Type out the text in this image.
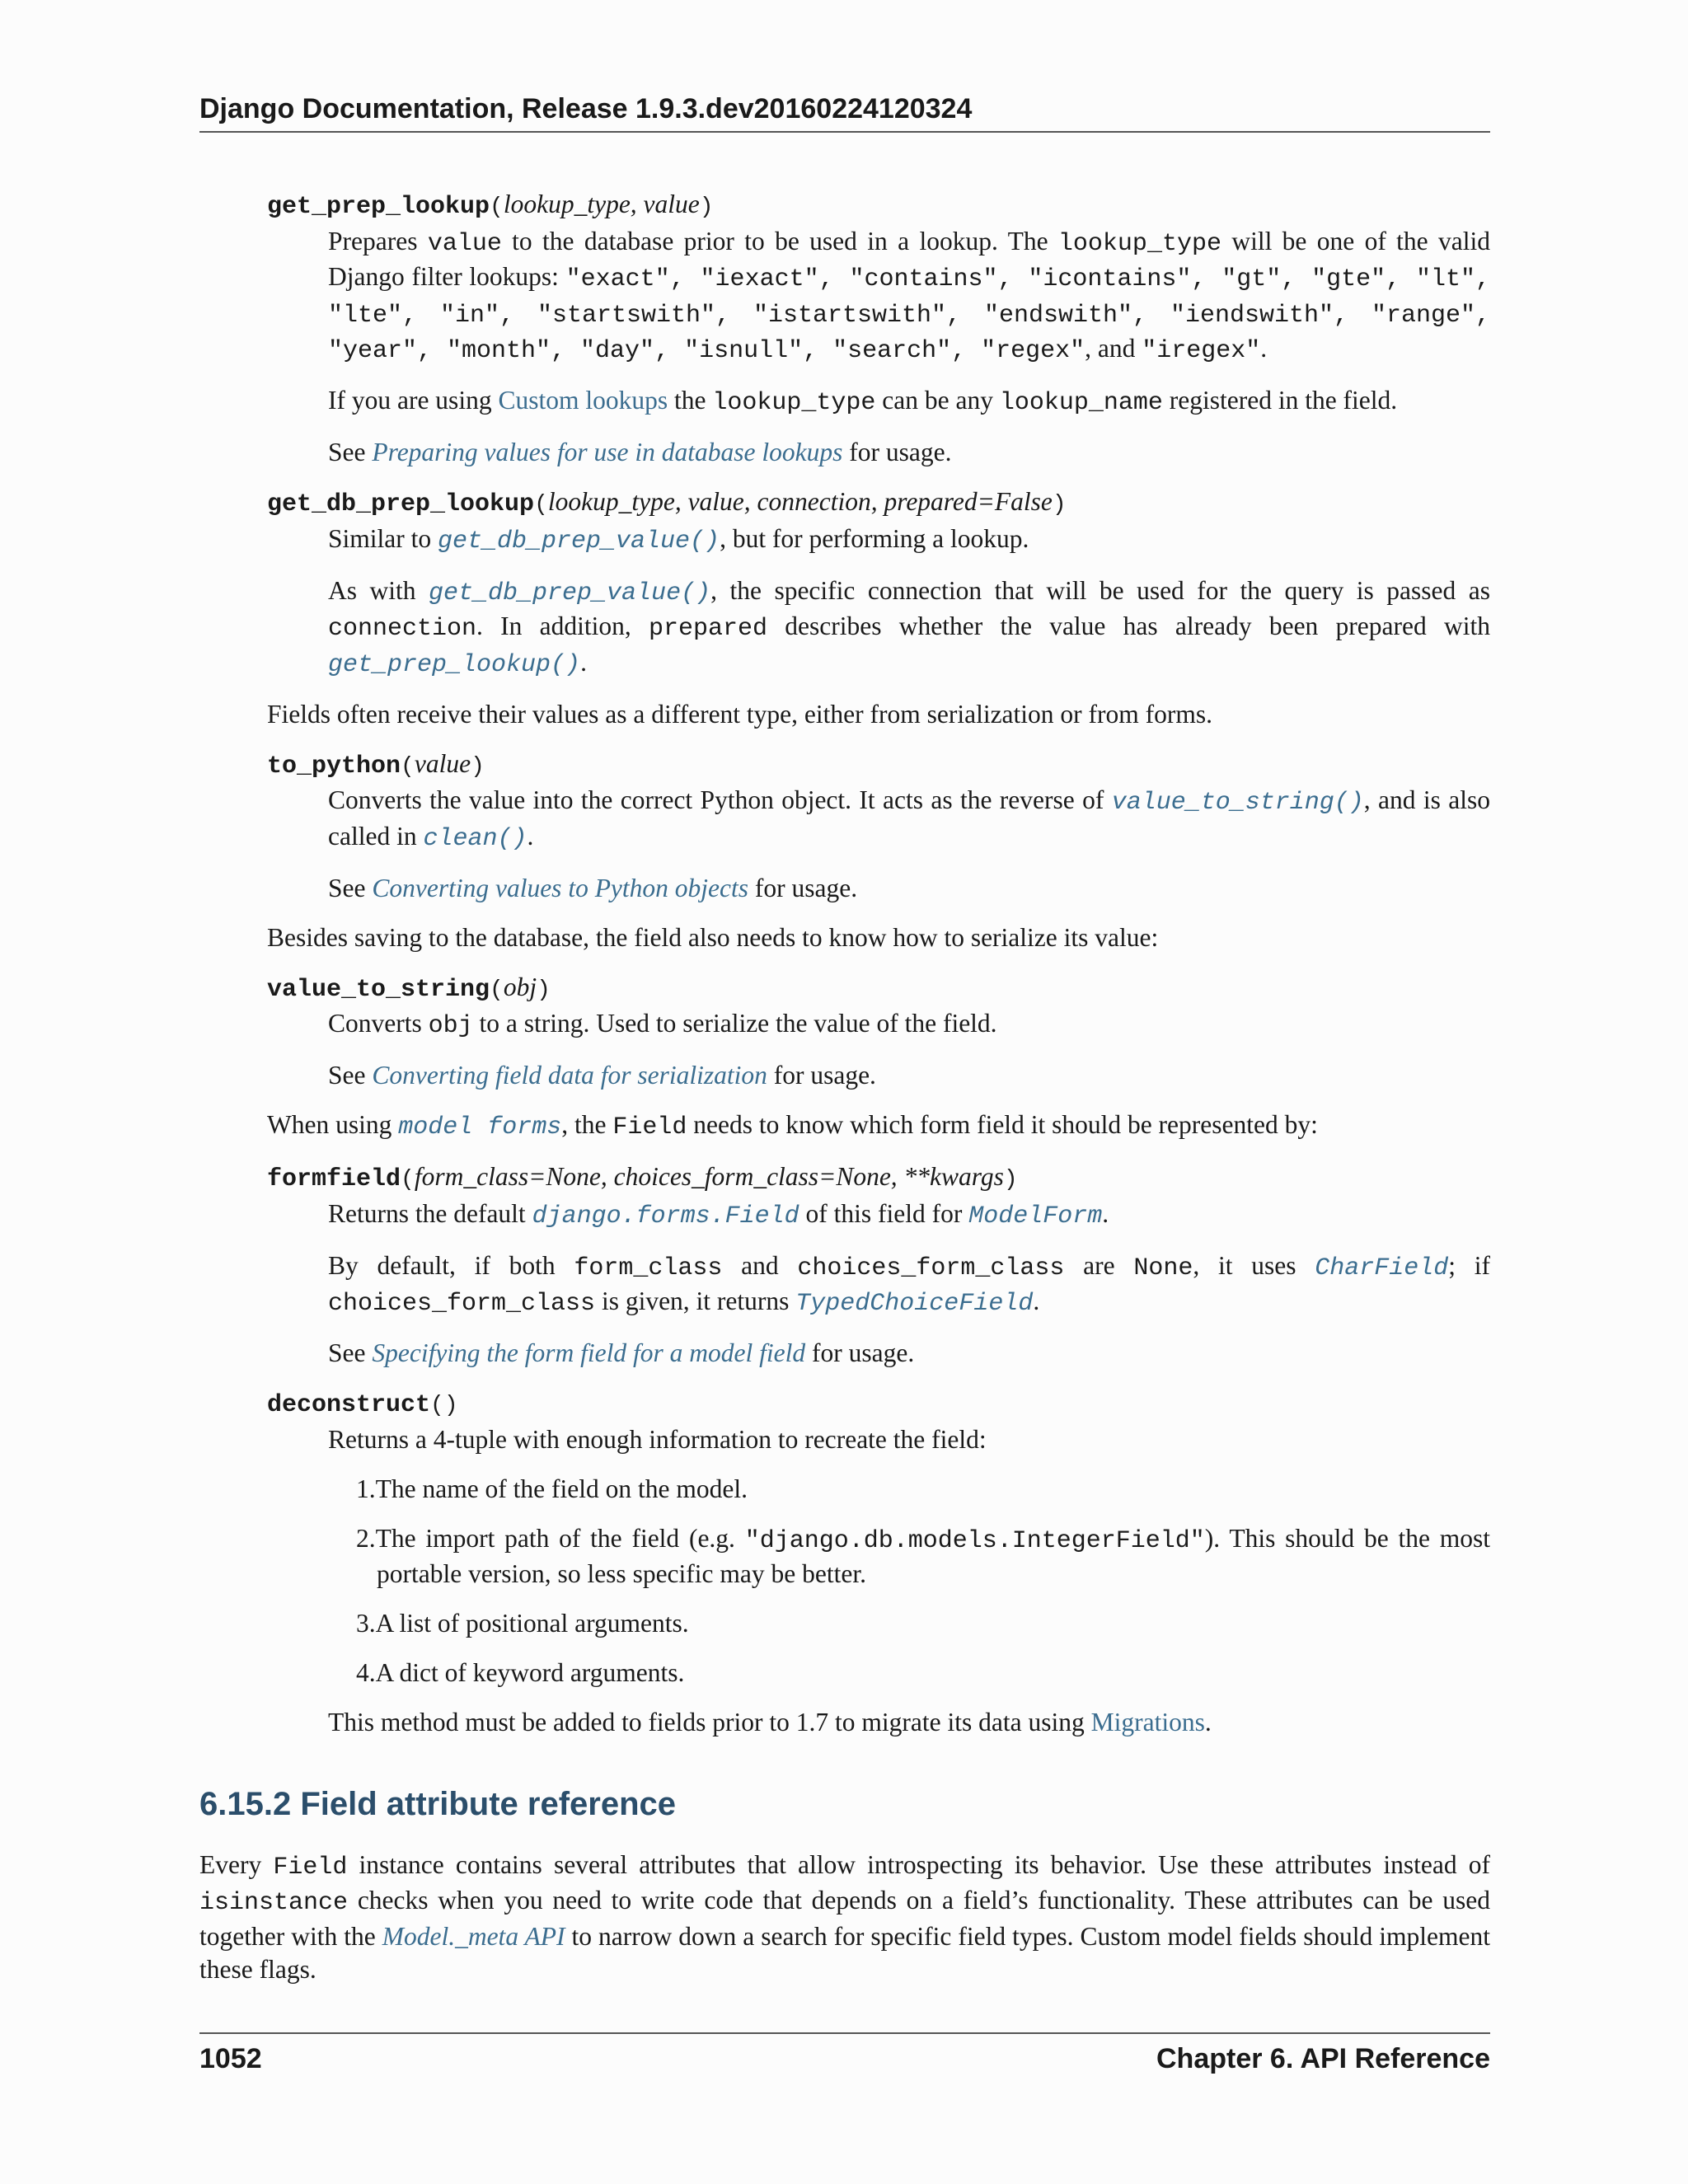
Django Documentation, Release 1.9.3.dev20160224120324
get_prep_lookup(lookup_type, value)

Prepares value to the database prior to be used in a lookup. The lookup_type will be one of the valid Django filter lookups: "exact", "iexact", "contains", "icontains", "gt", "gte", "lt", "lte", "in", "startswith", "istartswith", "endswith", "iendswith", "range", "year", "month", "day", "isnull", "search", "regex", and "iregex".

If you are using Custom lookups the lookup_type can be any lookup_name registered in the field.

See Preparing values for use in database lookups for usage.

get_db_prep_lookup(lookup_type, value, connection, prepared=False)

Similar to get_db_prep_value(), but for performing a lookup.

As with get_db_prep_value(), the specific connection that will be used for the query is passed as connection. In addition, prepared describes whether the value has already been prepared with get_prep_lookup().

Fields often receive their values as a different type, either from serialization or from forms.

to_python(value)

Converts the value into the correct Python object. It acts as the reverse of value_to_string(), and is also called in clean().

See Converting values to Python objects for usage.

Besides saving to the database, the field also needs to know how to serialize its value:

value_to_string(obj)

Converts obj to a string. Used to serialize the value of the field.

See Converting field data for serialization for usage.

When using model forms, the Field needs to know which form field it should be represented by:

formfield(form_class=None, choices_form_class=None, **kwargs)

Returns the default django.forms.Field of this field for ModelForm.

By default, if both form_class and choices_form_class are None, it uses CharField; if choices_form_class is given, it returns TypedChoiceField.

See Specifying the form field for a model field for usage.

deconstruct()

Returns a 4-tuple with enough information to recreate the field:

1.The name of the field on the model.

2.The import path of the field (e.g. "django.db.models.IntegerField"). This should be the most portable version, so less specific may be better.

3.A list of positional arguments.

4.A dict of keyword arguments.

This method must be added to fields prior to 1.7 to migrate its data using Migrations.

6.15.2 Field attribute reference

Every Field instance contains several attributes that allow introspecting its behavior. Use these attributes instead of isinstance checks when you need to write code that depends on a field’s functionality. These attributes can be used together with the Model._meta API to narrow down a search for specific field types. Custom model fields should implement these flags.

1052	Chapter 6. API Reference
